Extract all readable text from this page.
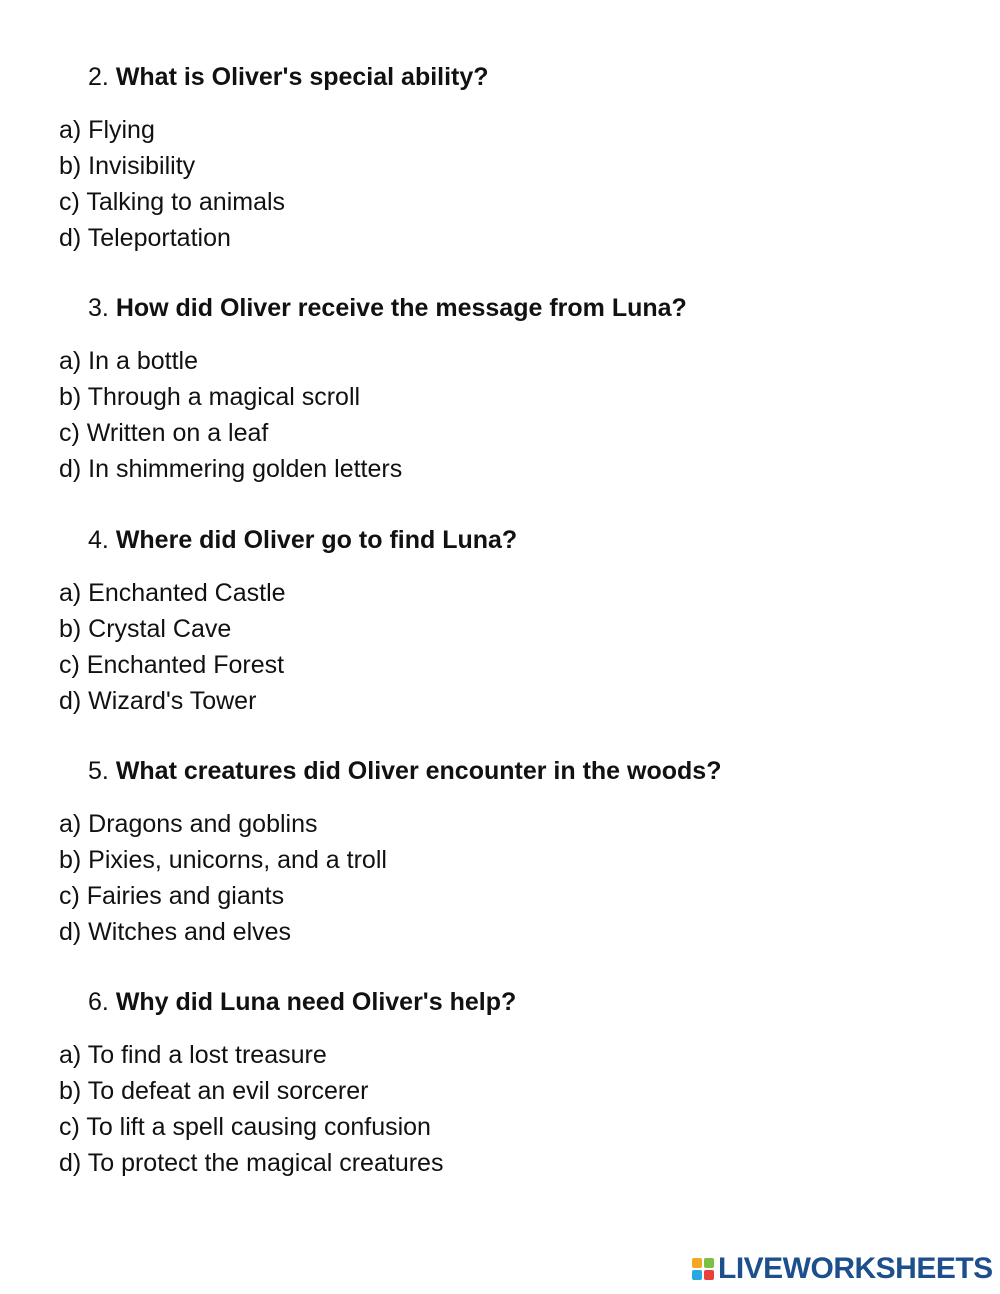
2. What is Oliver's special ability?
a) Flying
b) Invisibility
c) Talking to animals
d) Teleportation
3. How did Oliver receive the message from Luna?
a) In a bottle
b) Through a magical scroll
c) Written on a leaf
d) In shimmering golden letters
4. Where did Oliver go to find Luna?
a) Enchanted Castle
b) Crystal Cave
c) Enchanted Forest
d) Wizard's Tower
5. What creatures did Oliver encounter in the woods?
a) Dragons and goblins
b) Pixies, unicorns, and a troll
c) Fairies and giants
d) Witches and elves
6. Why did Luna need Oliver's help?
a) To find a lost treasure
b) To defeat an evil sorcerer
c) To lift a spell causing confusion
d) To protect the magical creatures
LIVEWORKSHEETS
